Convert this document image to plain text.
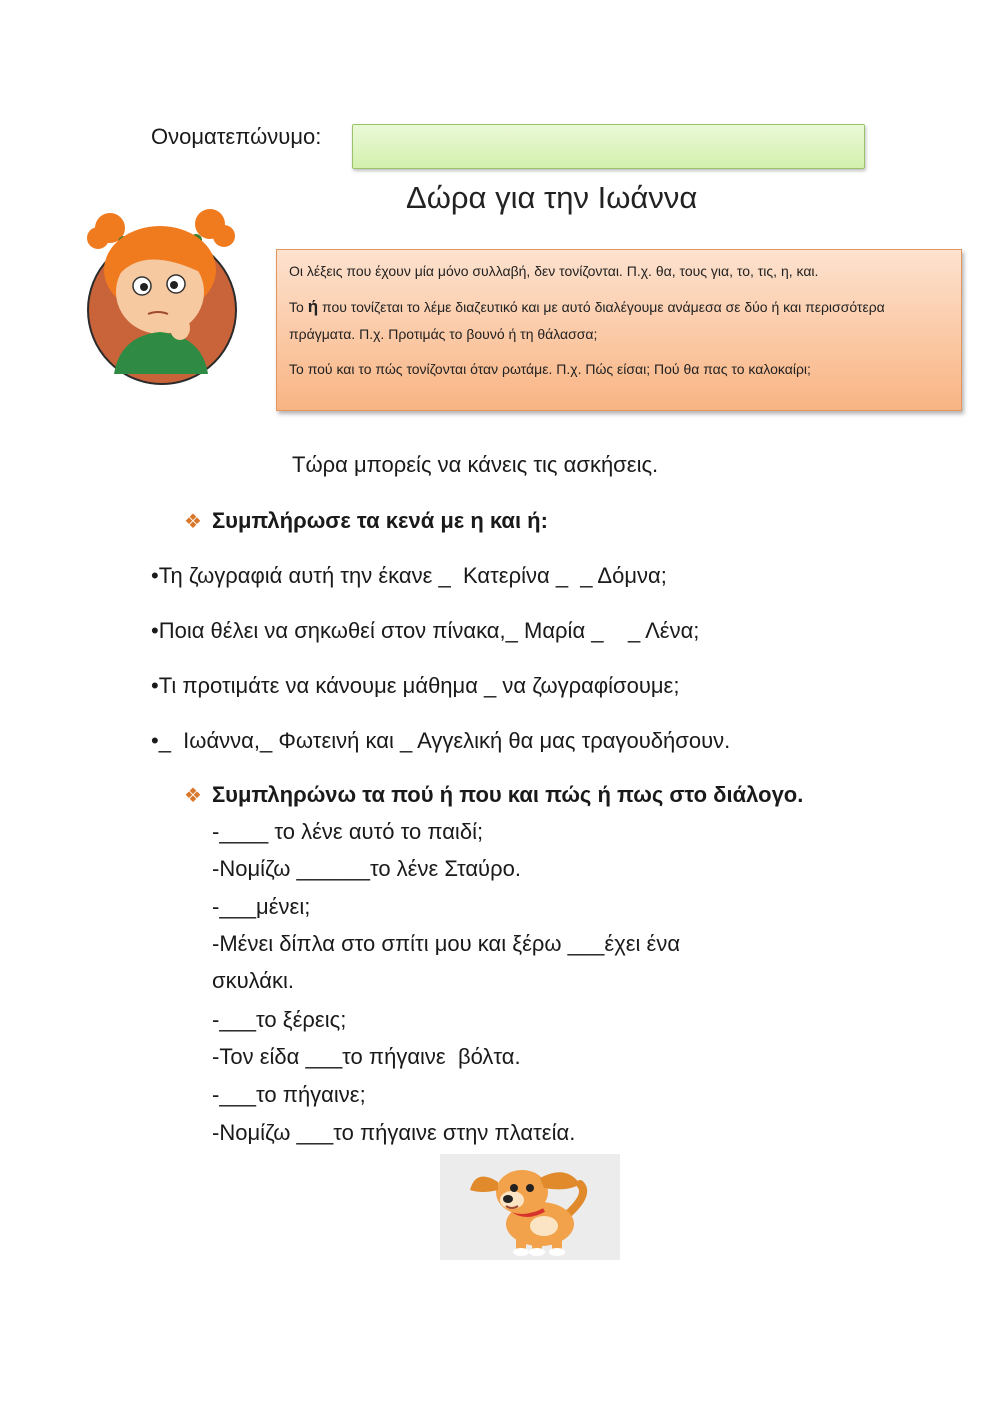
Ονοματεπώνυμο:
Δώρα για την Ιωάννα

Οι λέξεις που έχουν μία μόνο συλλαβή, δεν τονίζονται. Π.χ. θα, τους για, το, τις, η, και.

Το ή που τονίζεται το λέμε διαζευτικό και με αυτό διαλέγουμε ανάμεσα σε δύο ή και περισσότερα πράγματα. Π.χ. Προτιμάς το βουνό ή τη θάλασσα;

Το πού και το πώς τονίζονται όταν ρωτάμε. Π.χ. Πώς είσαι; Πού θα πας το καλοκαίρι;

Τώρα μπορείς να κάνεις τις ασκήσεις.
❖ Συμπλήρωσε τα κενά με η και ή:
•Τη ζωγραφιά αυτή την έκανε _  Κατερίνα _  _ Δόμνα;
•Ποια θέλει να σηκωθεί στον πίνακα,_ Μαρία _    _ Λένα;
•Τι προτιμάτε να κάνουμε μάθημα _ να ζωγραφίσουμε;
•_  Ιωάννα,_ Φωτεινή και _ Αγγελική θα μας τραγουδήσουν.
❖ Συμπληρώνω τα πού ή που και πώς ή πως στο διάλογο.
-____ το λένε αυτό το παιδί;
-Νομίζω ______το λένε Σταύρο.
-___μένει;
-Μένει δίπλα στο σπίτι μου και ξέρω ___έχει ένα
σκυλάκι.
-___το ξέρεις;
-Τον είδα ___το πήγαινε  βόλτα.
-___το πήγαινε;
-Νομίζω ___το πήγαινε στην πλατεία.
